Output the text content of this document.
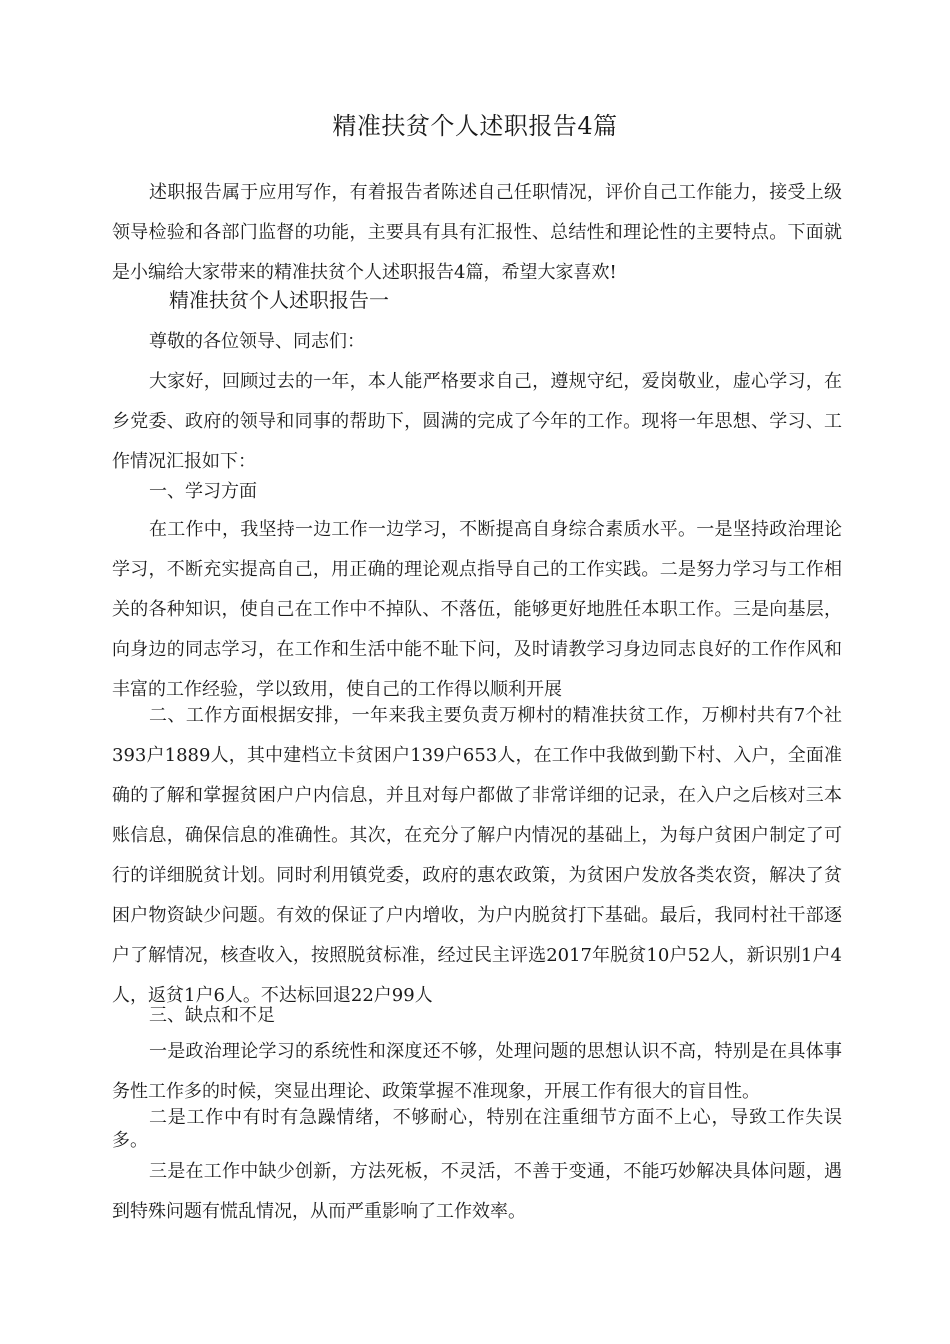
精准扶贫个人述职报告4篇

述职报告属于应用写作，有着报告者陈述自己任职情况，评价自己工作能力，接受上级领导检验和各部门监督的功能，主要具有具有汇报性、总结性和理论性的主要特点。下面就是小编给大家带来的精准扶贫个人述职报告4篇，希望大家喜欢!

精准扶贫个人述职报告一

尊敬的各位领导、同志们：

大家好，回顾过去的一年，本人能严格要求自己，遵规守纪，爱岗敬业，虚心学习，在乡党委、政府的领导和同事的帮助下，圆满的完成了今年的工作。现将一年思想、学习、工作情况汇报如下：

一、学习方面

在工作中，我坚持一边工作一边学习，不断提高自身综合素质水平。一是坚持政治理论学习，不断充实提高自己，用正确的理论观点指导自己的工作实践。二是努力学习与工作相关的各种知识，使自己在工作中不掉队、不落伍，能够更好地胜任本职工作。三是向基层，向身边的同志学习，在工作和生活中能不耻下问，及时请教学习身边同志良好的工作作风和丰富的工作经验，学以致用，使自己的工作得以顺利开展

二、工作方面根据安排，一年来我主要负责万柳村的精准扶贫工作，万柳村共有7个社393户1889人，其中建档立卡贫困户139户653人，在工作中我做到勤下村、入户，全面准确的了解和掌握贫困户户内信息，并且对每户都做了非常详细的记录，在入户之后核对三本账信息，确保信息的准确性。其次，在充分了解户内情况的基础上，为每户贫困户制定了可行的详细脱贫计划。同时利用镇党委，政府的惠农政策，为贫困户发放各类农资，解决了贫困户物资缺少问题。有效的保证了户内增收，为户内脱贫打下基础。最后，我同村社干部逐户了解情况，核查收入，按照脱贫标准，经过民主评选2017年脱贫10户52人，新识别1户4人，返贫1户6人。不达标回退22户99人

三、缺点和不足

一是政治理论学习的系统性和深度还不够，处理问题的思想认识不高，特别是在具体事务性工作多的时候，突显出理论、政策掌握不准现象，开展工作有很大的盲目性。

二是工作中有时有急躁情绪，不够耐心，特别在注重细节方面不上心，导致工作失误多。

三是在工作中缺少创新，方法死板，不灵活，不善于变通，不能巧妙解决具体问题，遇到特殊问题有慌乱情况，从而严重影响了工作效率。
